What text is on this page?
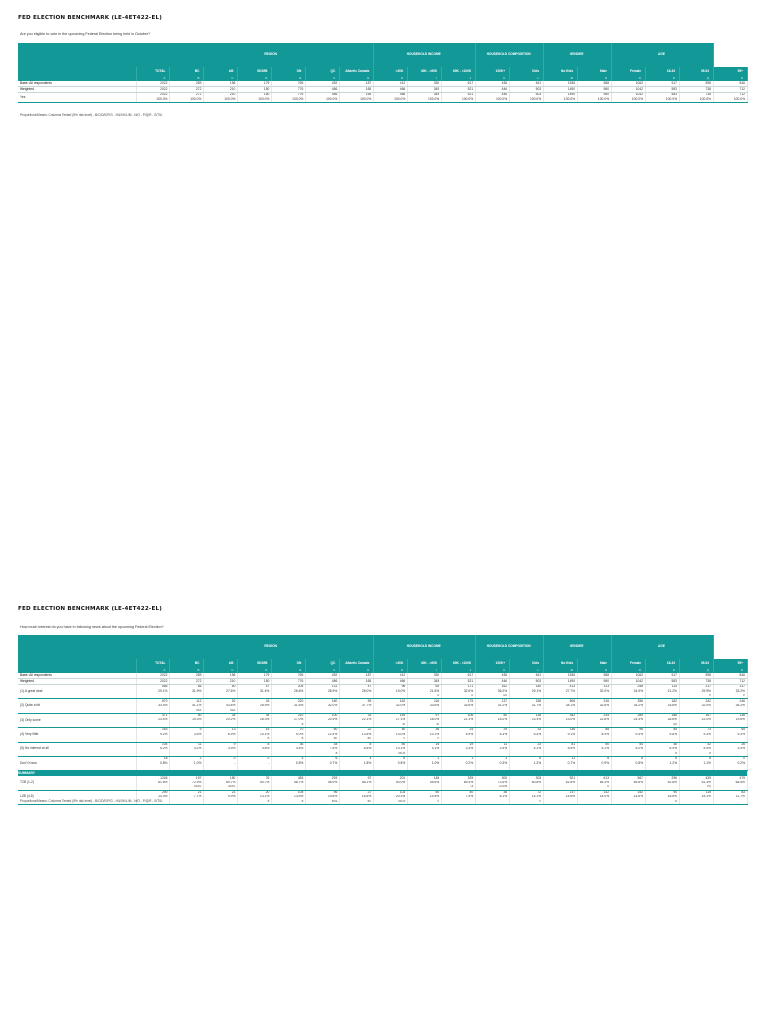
FED ELECTION BENCHMARK (LE-4ET422-EL)
Are you eligible to vote in the upcoming Federal Election being held in October?
		REGION						HOUSEHOLD INCOME			HOUSEHOLD COMPOSITION		GENDER		AGE			
	TOTAL	BC	AB	SK/MB	ON	QC	Atlantic Canada	<40K	40K - <60K	60K - <100K	100K+	Kids	No Kids	Male	Female	18-34	35-54	55+
	A	B	C	D	E	F	G	H	I	J	K	L	M	N	O	P	Q	R
Base: All respondents	2022	289	196	179	769	492	187	412	330	617	436	461	1536	968	1062	517	598	846
Weighted	2022	272	210	150	776	486	165	466	345	521	446	503	1490	980	1042	583	738	712
Yes	2022	272	210	150	776	486	165	466	345	521	446	503	1490	980	1042	583	738	712
	100.0%	100.0%	100.0%	100.0%	100.0%	100.0%	100.0%	100.0%	100.0%	100.0%	100.0%	100.0%	100.0%	100.0%	100.0%	100.0%	100.0%	100.0%
Proportions/Means: Columns Tested (5% risk level) - B/C/D/E/F/G - H/I/J/K/L/M - N/O - P/Q/R - S/T/U
FED ELECTION BENCHMARK (LE-4ET422-EL)
How much interest do you have in following news about the upcoming Federal Election?
		REGION						HOUSEHOLD INCOME			HOUSEHOLD COMPOSITION		GENDER		AGE			
	TOTAL	BC	AB	SK/MB	ON	QC	Atlantic Canada	<40K	40K - <60K	60K - <100K	100K+	Kids	No Kids	Male	Female	18-34	35-54	55+
	A	B	C	D	E	F	G	H	I	J	K	L	M	N	O	P	Q	R
Base: All respondents	2022	289	196	179	769	492	187	412	330	617	436	461	1536	968	1062	517	598	846
Weighted	2022	272	210	150	776	486	165	466	345	521	446	503	1490	980	1042	583	738	712
(1) A great deal	586	86	60	47	205	131	47	96	69	171	162	150	413	313	258	114	217	237
	29.1%	31.9%	27.6%	31.4%	26.6%	26.9%	28.0%	19.0%	21.6%	32.6%	36.2%	29.1%	27.7%	32.0%	24.9%	21.2%	29.9%	33.2%
									H	H	HIJ						P	P
(2) Quite a bit	670	112	92	43	220	180	59	162	116	175	137	158	508	316	356	182	242	246
	33.4%	41.1%	43.8%	28.9%	31.6%	32.0%	37.7%	32.0%	33.6%	33.6%	31.2%	31.7%	34.1%	32.6%	34.2%	33.8%	32.0%	35.2%
		DEF	DEF															
(3) Only some	471	50	34	34	210	100	33	154	97	106	80	118	342	234	289	188	167	138
	23.4%	19.3%	20.2%	28.3%	27.0%	20.9%	22.1%	27.1%	28.0%	21.1%	18.0%	23.3%	23.0%	22.8%	24.3%	28.6%	22.0%	19.6%
					B			JK	JK							QR		
(4) Very little	183	9	13	15	70	60	22	50	36	24	29	33	136	88	96	55	73	65
	9.2%	3.5%	6.9%	10.1%	9.0%	12.4%	13.5%	10.0%	10.1%	5.9%	6.3%	6.4%	9.1%	8.9%	9.4%	9.8%	9.3%	9.3%
				B	B	BC	BC	K	K									
(5) No interest at all	104	11	9	8	36	34	8	50	15	19	11	23	81	50	54	36	42	26
	5.2%	4.2%	3.9%	4.8%	4.4%	7.5%	8.5%	10.1%	4.1%	3.3%	2.5%	4.1%	5.5%	5.1%	5.2%	6.9%	5.9%	3.9%
						B		IJKLM								R	R	
Don't Know	18	2	0	0	3	6	4	6	1	1	1	6	11	8	8	5	8	0
	0.8%	1.0%	-	-	0.5%	0.7%	1.8%	0.5%	1.0%	0.2%	0.3%	1.2%	0.7%	0.9%	0.8%	1.2%	1.1%	0.2%

SUMMARY																		
T2B (1-2)	1246	197	150	76	453	293	97	201	148	329	300	303	921	613	567	296	439	479
	61.6%	72.9%	69.7%	50.7%	58.7%	58.9%	58.1%	50.0%	55.6%	69.4%	73.4%	60.8%	61.8%	64.3%	59.8%	52.8%	61.3%	68.5%
		DEFG	DEFG							HI	HIJKM			O			PQ	
L2B (4-5)	290	21	21	20	105	96	27	103	50	40	36	72	217	142	152	94	115	83
	14.3%	7.7%	9.9%	13.1%	13.5%	19.8%	16.5%	20.3%	14.5%	7.9%	8.1%	14.1%	14.6%	14.0%	14.6%	16.6%	15.1%	11.7%
				B	B	BCE	BC	IJKLM	K			K				R		
Proportions/Means: Columns Tested (5% risk level) - B/C/D/E/F/G - H/I/J/K/L/M - N/O - P/Q/R - S/T/U
